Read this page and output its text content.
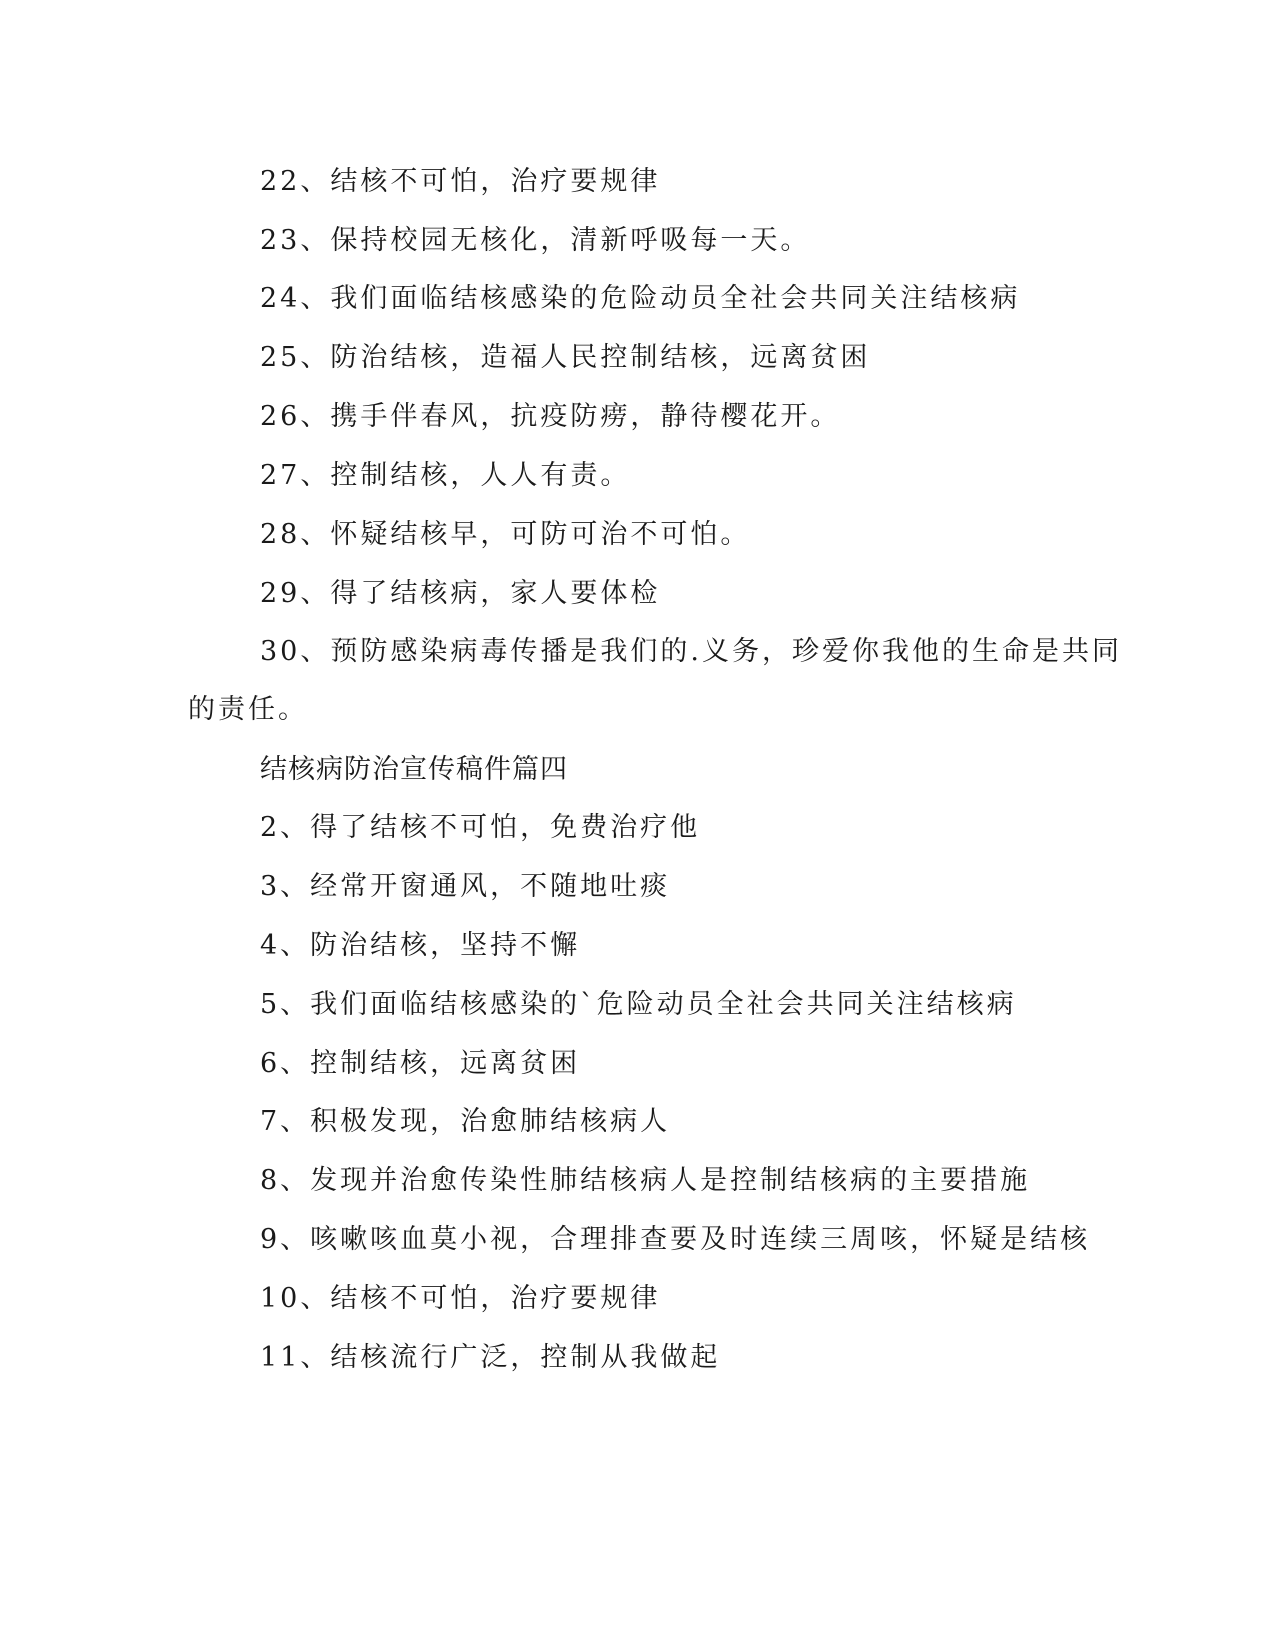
22、结核不可怕，治疗要规律
23、保持校园无核化，清新呼吸每一天。
24、我们面临结核感染的危险动员全社会共同关注结核病
25、防治结核，造福人民控制结核，远离贫困
26、携手伴春风，抗疫防痨，静待樱花开。
27、控制结核，人人有责。
28、怀疑结核早，可防可治不可怕。
29、得了结核病，家人要体检
30、预防感染病毒传播是我们的.义务，珍爱你我他的生命是共同
的责任。
结核病防治宣传稿件篇四
2、得了结核不可怕，免费治疗他
3、经常开窗通风，不随地吐痰
4、防治结核，坚持不懈
5、我们面临结核感染的`危险动员全社会共同关注结核病
6、控制结核，远离贫困
7、积极发现，治愈肺结核病人
8、发现并治愈传染性肺结核病人是控制结核病的主要措施
9、咳嗽咳血莫小视，合理排查要及时连续三周咳，怀疑是结核
10、结核不可怕，治疗要规律
11、结核流行广泛，控制从我做起
